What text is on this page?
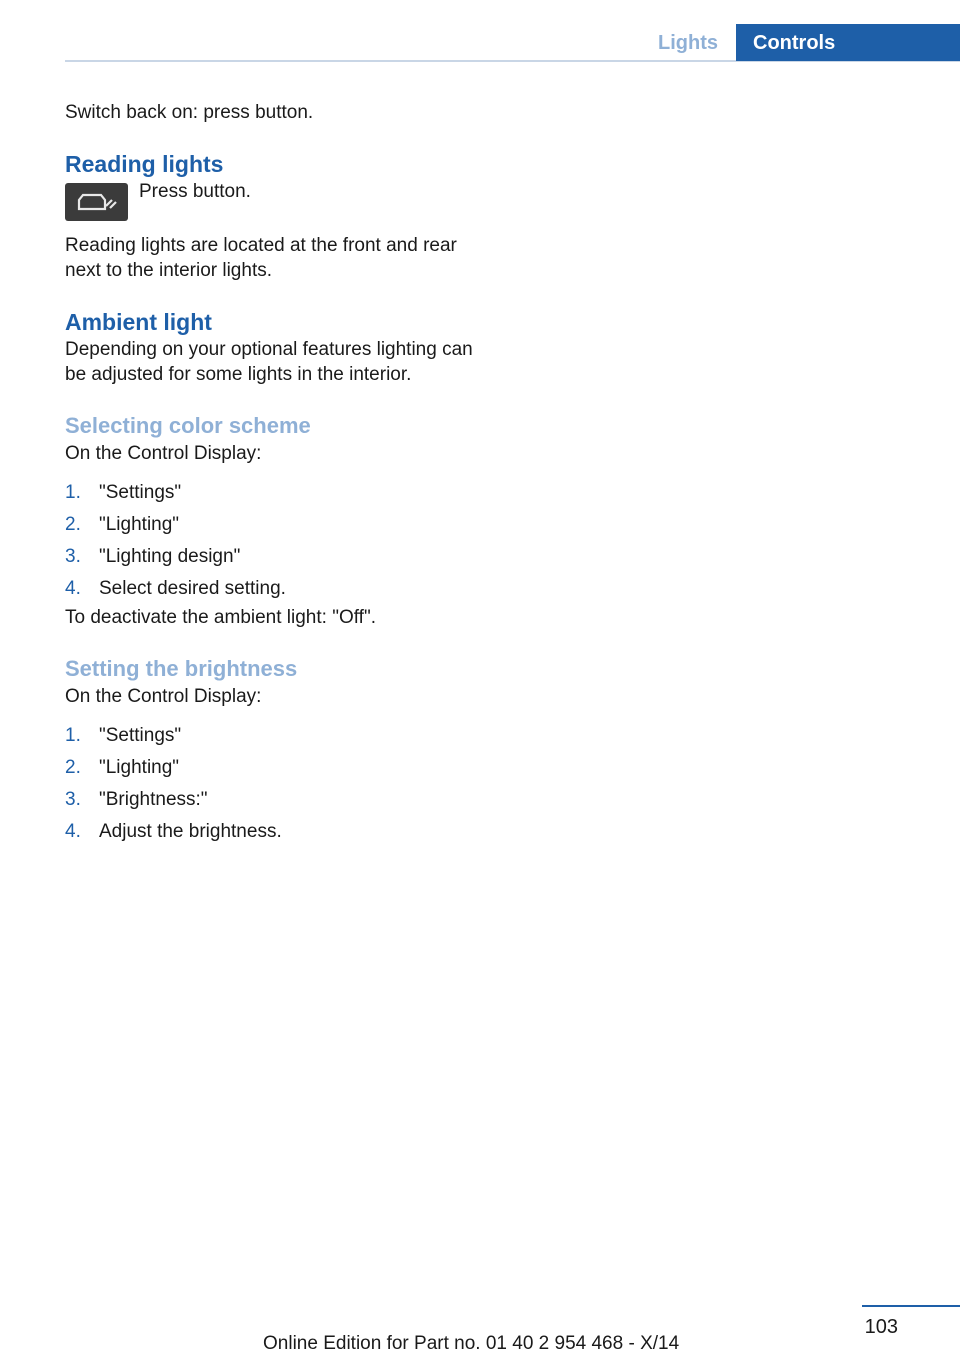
Lights	Controls

Switch back on: press button.

Reading lights

Press button.

Reading lights are located at the front and rear next to the interior lights.

Ambient light

Depending on your optional features lighting can be adjusted for some lights in the interior.

Selecting color scheme

On the Control Display:

1. "Settings"
2. "Lighting"
3. "Lighting design"
4. Select desired setting.

To deactivate the ambient light: "Off".

Setting the brightness

On the Control Display:

1. "Settings"
2. "Lighting"
3. "Brightness:"
4. Adjust the brightness.
103
Online Edition for Part no. 01 40 2 954 468 - X/14
